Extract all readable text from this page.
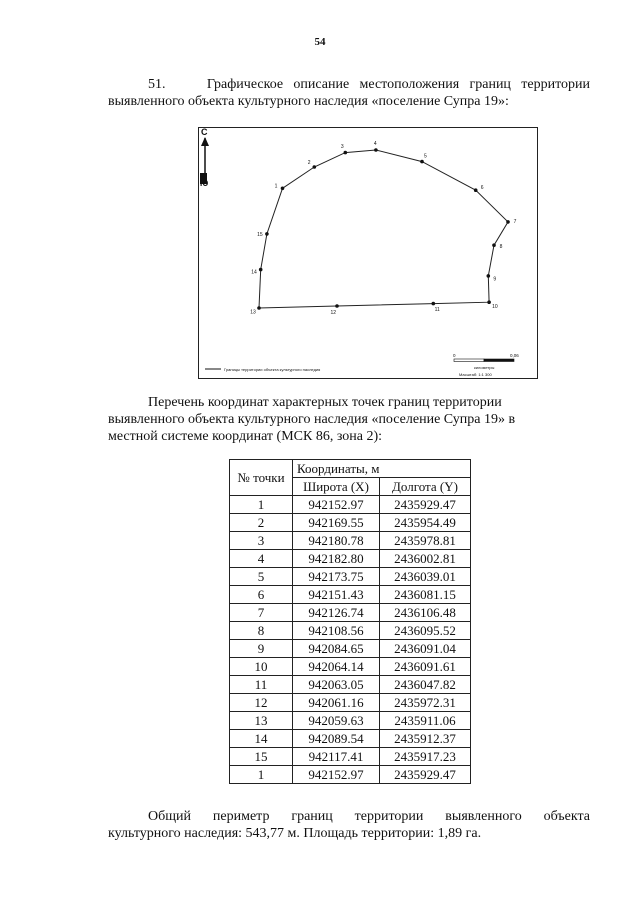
54
51.	Графическое описание местоположения границ территории
выявленного объекта культурного наследия «поселение Супра 19»:
С
Ю	1
2
3
4
5
6
7
8
9
10
11
12
13
14
15
Границы территории объекта культурного наследия
0	0,06
километры
Масштаб: 1:1 300
Перечень координат характерных точек границ территории
выявленного объекта культурного наследия «поселение Супра 19» в
местной системе координат (МСК 86, зона 2):
№ точки	Координаты, м	
	Широта (X)	Долгота (Y)
1	942152.97	2435929.47
2	942169.55	2435954.49
3	942180.78	2435978.81
4	942182.80	2436002.81
5	942173.75	2436039.01
6	942151.43	2436081.15
7	942126.74	2436106.48
8	942108.56	2436095.52
9	942084.65	2436091.04
10	942064.14	2436091.61
11	942063.05	2436047.82
12	942061.16	2435972.31
13	942059.63	2435911.06
14	942089.54	2435912.37
15	942117.41	2435917.23
1	942152.97	2435929.47
Общий периметр границ территории выявленного объекта
культурного наследия: 543,77 м. Площадь территории: 1,89 га.
